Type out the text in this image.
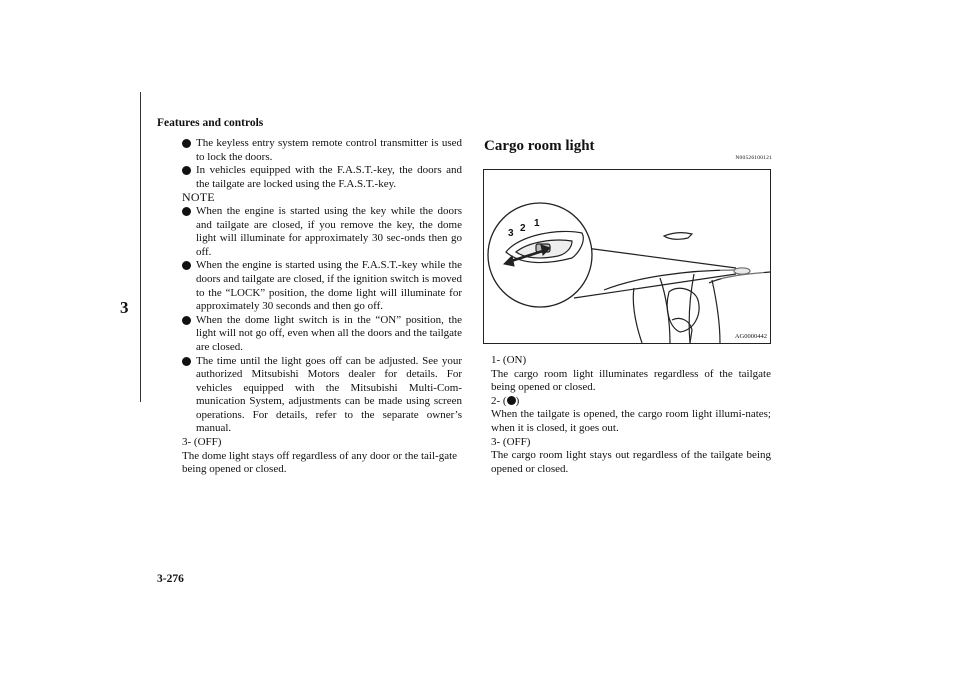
Features and controls
3
The keyless entry system remote control transmitter is used to lock the doors.
In vehicles equipped with the F.A.S.T.-key, the doors and the tailgate are locked using the F.A.S.T.-key.

NOTE

When the engine is started using the key while the doors and tailgate are closed, if you remove the key, the dome light will illuminate for approximately 30 sec-onds then go off.
When the engine is started using the F.A.S.T.-key while the doors and tailgate are closed, if the ignition switch is moved to the “LOCK” position, the dome light will illuminate for approximately 30 seconds and then go off.
When the dome light switch is in the “ON” position, the light will not go off, even when all the doors and the tailgate are closed.
The time until the light goes off can be adjusted. See your authorized Mitsubishi Motors dealer for details. For vehicles equipped with the Mitsubishi Multi-Com-munication System, adjustments can be made using screen operations. For details, refer to the separate owner’s manual.

3- (OFF)

The dome light stays off regardless of any door or the tail-gate being opened or closed.

Cargo room light
N00526100121
3 2 1
AG0000442

1- (ON)

The cargo room light illuminates regardless of the tailgate being opened or closed.

2- ( )

When the tailgate is opened, the cargo room light illumi-nates; when it is closed, it goes out.

3- (OFF)

The cargo room light stays out regardless of the tailgate being opened or closed.

3-276
